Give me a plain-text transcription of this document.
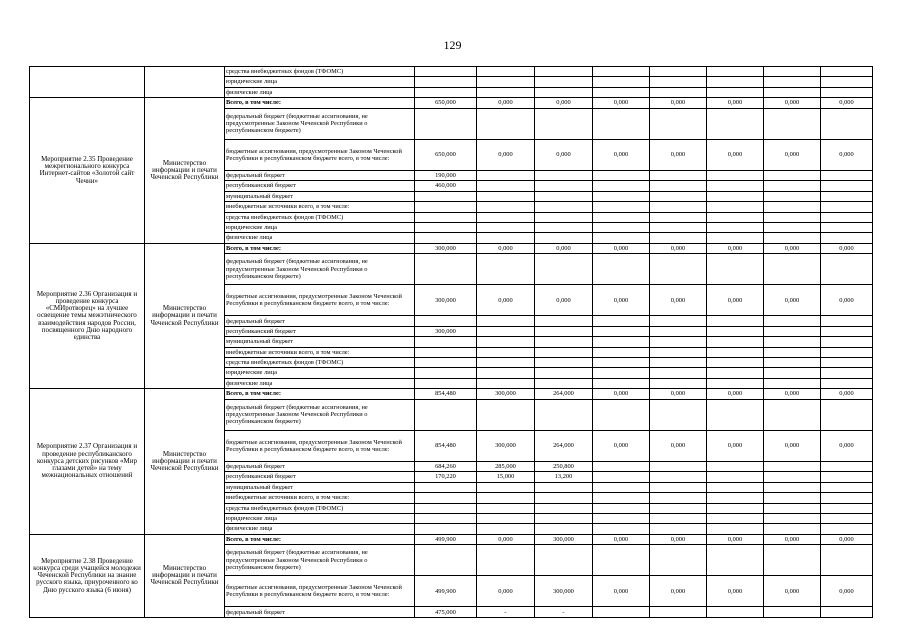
129
		средства внебюджетных фондов (ТФОМС)								
		юридические лица								
		физические лица								
Мероприятие 2.35 Проведение межрегионального конкурса Интернет-сайтов «Золотой сайт Чечни»	Министерство информации и печати Чеченской Республики	Всего, в том числе:	650,000	0,000	0,000	0,000	0,000	0,000	0,000	0,000
		федеральный бюджет (бюджетные ассигнования, не предусмотренные Законом Чеченской Республики о республиканском бюджете)								
		бюджетные ассигнования, предусмотренные Законом Чеченской Республики в республиканском бюджете всего, в том числе:	650,000	0,000	0,000	0,000	0,000	0,000	0,000	0,000
		федеральный бюджет	190,000							
		республиканский бюджет	460,000							
		муниципальный бюджет								
		внебюджетные источники всего, в том числе:								
		средства внебюджетных фондов (ТФОМС)								
		юридические лица								
		физические лица								
Мероприятие 2.36 Организация и проведение конкурса «СМИротворец» на лучшее освещение темы межэтнического взаимодействия народов России, посвященного Дню народного единства	Министерство информации и печати Чеченской Республики	Всего, в том числе:	300,000	0,000	0,000	0,000	0,000	0,000	0,000	0,000
		федеральный бюджет (бюджетные ассигнования, не предусмотренные Законом Чеченской Республики о республиканском бюджете)								
		бюджетные ассигнования, предусмотренные Законом Чеченской Республики в республиканском бюджете всего, в том числе:	300,000	0,000	0,000	0,000	0,000	0,000	0,000	0,000
		федеральный бюджет								
		республиканский бюджет	300,000							
		муниципальный бюджет								
		внебюджетные источники всего, в том числе:								
		средства внебюджетных фондов (ТФОМС)								
		юридические лица								
		физические лица								
Мероприятие 2.37 Организация и проведение республиканского конкурса детских рисунков «Мир глазами детей» на тему межнациональных отношений	Министерство информации и печати Чеченской Республики	Всего, в том числе:	854,480	300,000	264,000	0,000	0,000	0,000	0,000	0,000
		федеральный бюджет (бюджетные ассигнования, не предусмотренные Законом Чеченской Республики о республиканском бюджете)								
		бюджетные ассигнования, предусмотренные Законом Чеченской Республики в республиканском бюджете всего, в том числе:	854,480	300,000	264,000	0,000	0,000	0,000	0,000	0,000
		федеральный бюджет	684,260	285,000	250,800					
		республиканский бюджет	170,220	15,000	13,200					
		муниципальный бюджет								
		внебюджетные источники всего, в том числе:								
		средства внебюджетных фондов (ТФОМС)								
		юридические лица								
		физические лица								
Мероприятие 2.38 Проведение конкурса среди учащейся молодежи Чеченской Республики на знание русского языка, приуроченного ко Дню русского языка (6 июня)	Министерство информации и печати Чеченской Республики	Всего, в том числе:	499,900	0,000	300,000	0,000	0,000	0,000	0,000	0,000
		федеральный бюджет (бюджетные ассигнования, не предусмотренные Законом Чеченской Республики о республиканском бюджете)								
		бюджетные ассигнования, предусмотренные Законом Чеченской Республики в республиканском бюджете всего, в том числе:	499,900	0,000	300,000	0,000	0,000	0,000	0,000	0,000
		федеральный бюджет	475,000	-	-					
